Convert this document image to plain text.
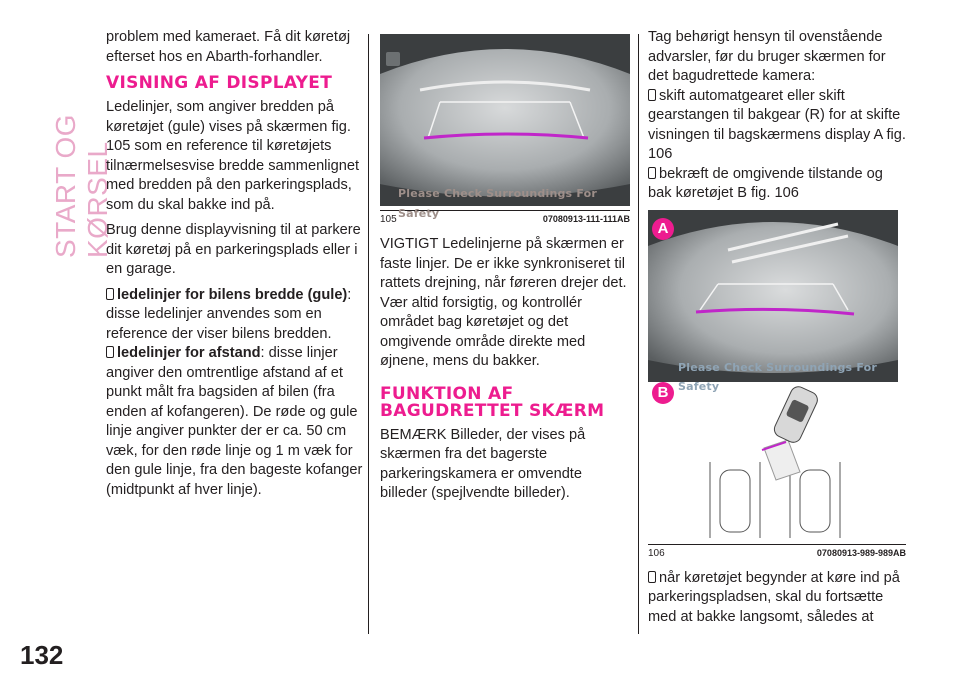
START OG KØRSEL
132

problem med kameraet. Få dit køretøj efterset hos en Abarth-forhandler.

VISNING AF DISPLAYET

Ledelinjer, som angiver bredden på køretøjet (gule) vises på skærmen fig. 105 som en reference til køretøjets tilnærmelsesvise bredde sammenlignet med bredden på den parkeringsplads, som du skal bakke ind på.

Brug denne displayvisning til at parkere dit køretøj på en parkeringsplads eller i en garage.

ledelinjer for bilens bredde (gule): disse ledelinjer anvendes som en reference der viser bilens bredden.

ledelinjer for afstand: disse linjer angiver den omtrentlige afstand af et punkt målt fra bagsiden af bilen (fra enden af kofangeren). De røde og gule linje angiver punkter der er ca. 50 cm væk, for den røde linje og 1 m væk for den gule linje, fra den bageste kofanger (midtpunkt af hver linje).

Please Check Surroundings For Safety
105	07080913-111-111AB

VIGTIGT Ledelinjerne på skærmen er faste linjer. De er ikke synkroniseret til rattets drejning, når føreren drejer det. Vær altid forsigtig, og kontrollér området bag køretøjet og det omgivende område direkte med øjnene, mens du bakker.

FUNKTION AF BAGUDRETTET SKÆRM

BEMÆRK Billeder, der vises på skærmen fra det bagerste parkeringskamera er omvendte billeder (spejlvendte billeder).

Tag behørigt hensyn til ovenstående advarsler, før du bruger skærmen for det bagudrettede kamera:

skift automatgearet eller skift gearstangen til bakgear (R) for at skifte visningen til bagskærmens display A fig. 106

bekræft de omgivende tilstande og bak køretøjet B fig. 106

Please Check Surroundings For Safety
A
B
106	07080913-989-989AB

når køretøjet begynder at køre ind på parkeringspladsen, skal du fortsætte med at bakke langsomt, således at
